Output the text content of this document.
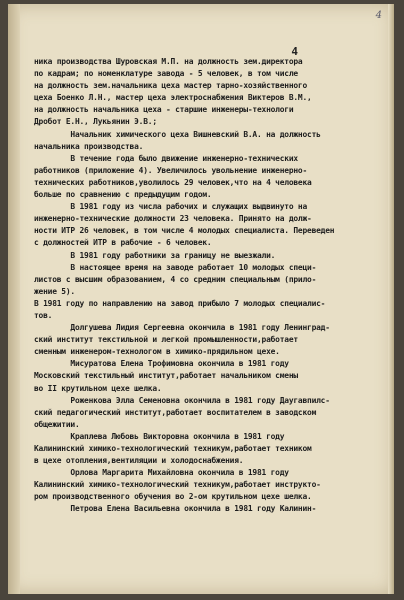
4
4
ника производства Шуровская М.П. на должность зем.директора
по кадрам; по номенклатуре завода - 5 человек, в том числе
на должность зем.начальника цеха мастер тарно-хозяйственного
цеха Боенко Л.Н., мастер цеха электроснабжения Виктеров В.М.,
на должность начальника цеха - старшие инженеры-технологи
Дробот Е.Н., Лукьянин Э.В.;
Начальник химического цеха Вишневский В.А. на должность
начальника производства.
В течение года было движение инженерно-технических
работников (приложение 4). Увеличилось увольнение инженерно-
технических работников,уволилось 29 человек,что на 4 человека
больше по сравнению с предыдущим годом.
В 1981 году из числа рабочих и служащих выдвинуто на
инженерно-технические должности 23 человека. Принято на долж-
ности ИТР 26 человек, в том числе 4 молодых специалиста. Переведен
с должностей ИТР в рабочие - 6 человек.
В 1981 году работники за границу не выезжали.
В настоящее время на заводе работает 10 молодых специ-
листов с высшим образованием, 4 со средним специальным (прило-
жение 5).
В 1981 году по направлению на завод прибыло 7 молодых специалис-
тов.
Долгушева Лидия Сергеевна окончила в 1981 году Ленинград-
ский институт текстильной и легкой промышленности,работает
сменным инженером-технологом в химико-прядильном цехе.
Мисуратова Елена Трофимовна окончила в 1981 году
Московский текстильный институт,работает начальником смены
во II крутильном цехе шелка.
Роженкова Элла Семеновна окончила в 1981 году Даугавпилс-
ский педагогический институт,работает воспитателем в заводском
общежитии.
Краплева Любовь Викторовна окончила в 1981 году
Калининский химико-технологический техникум,работает техником
в цехе отопления,вентиляции и холодоснабжения.
Орлова Маргарита Михайловна окончила в 1981 году
Калининский химико-технологический техникум,работает инструкто-
ром производственного обучения во 2-ом крутильном цехе шелка.
Петрова Елена Васильевна окончила в 1981 году Калинин-
